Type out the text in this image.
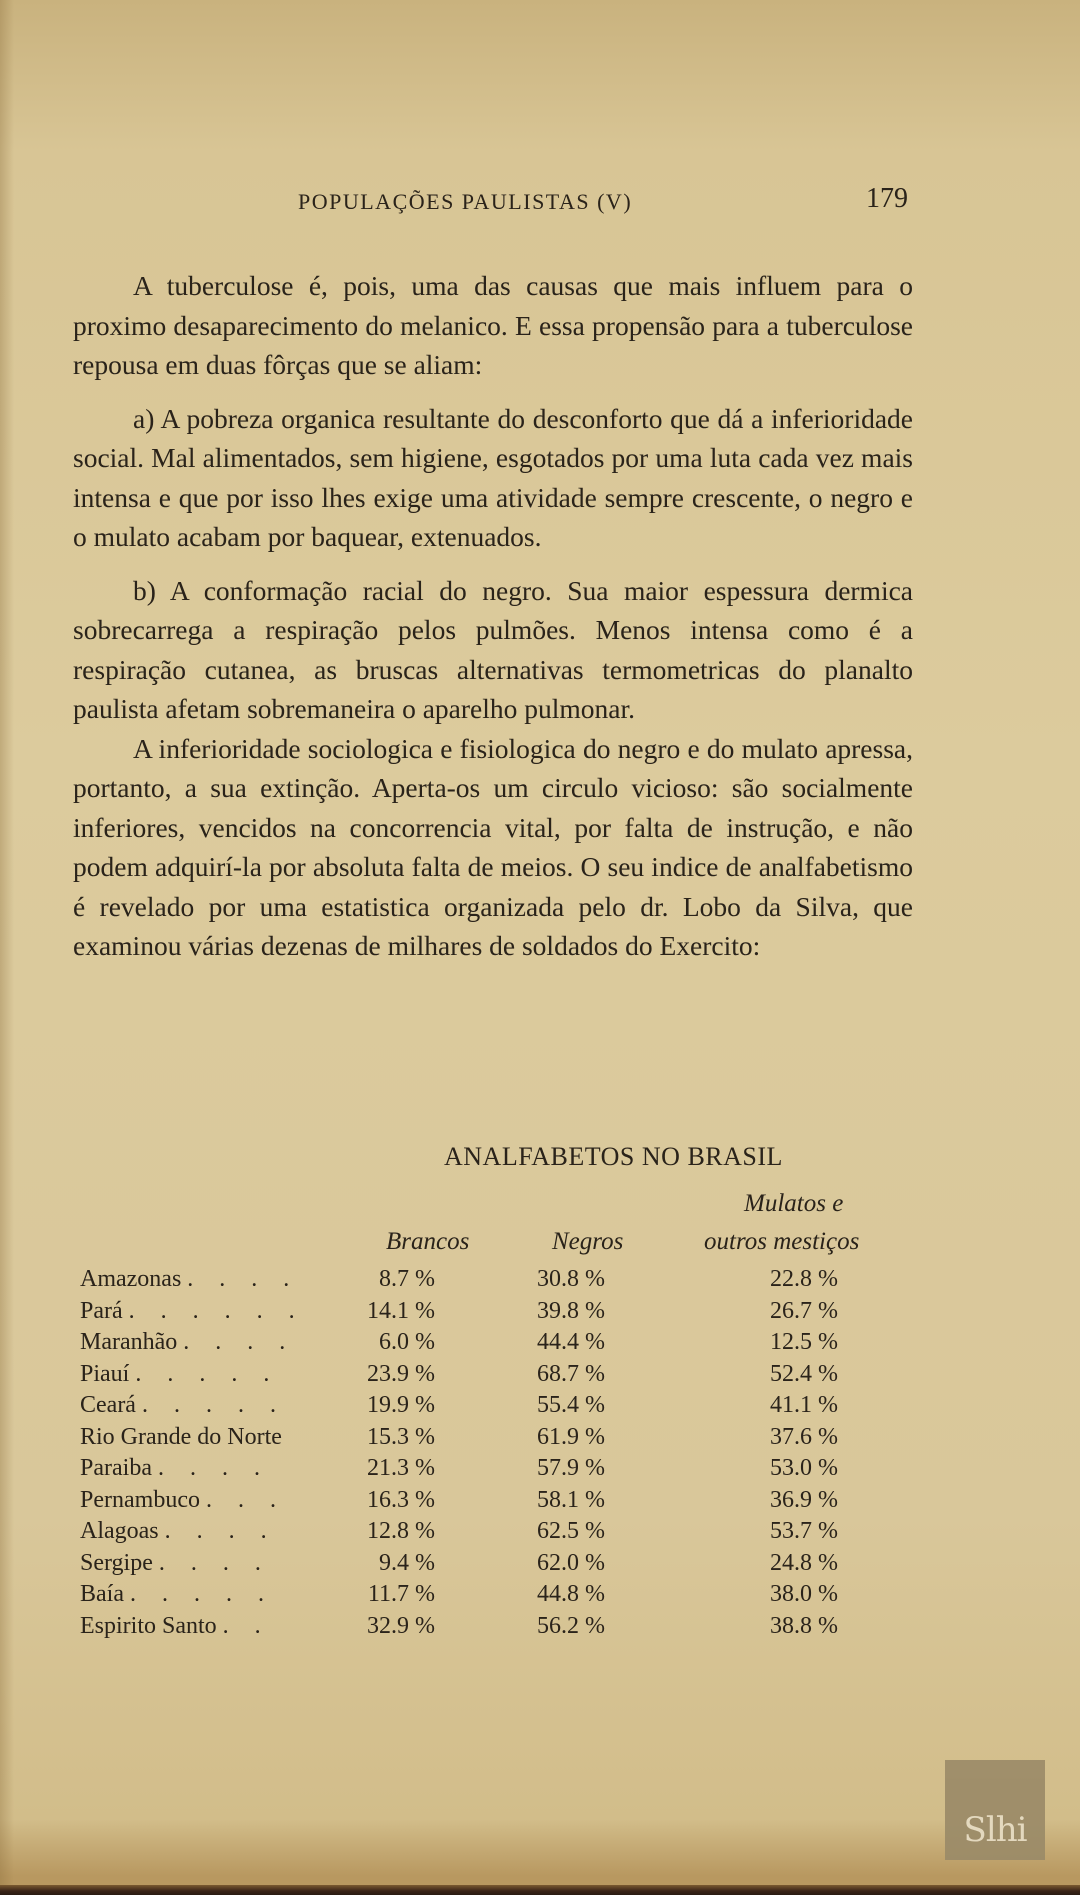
POPULAÇÕES PAULISTAS (V)	179

A tuberculose é, pois, uma das causas que mais influem para o proximo desaparecimento do melanico. E essa propensão para a tuberculose repousa em duas fôrças que se aliam:

a) A pobreza organica resultante do desconforto que dá a inferioridade social. Mal alimentados, sem higiene, esgotados por uma luta cada vez mais intensa e que por isso lhes exige uma atividade sempre crescente, o negro e o mulato acabam por baquear, extenuados.

b) A conformação racial do negro. Sua maior espessura dermica sobrecarrega a respiração pelos pulmões. Menos intensa como é a respiração cutanea, as bruscas alternativas termometricas do planalto paulista afetam sobremaneira o aparelho pulmonar.

A inferioridade sociologica e fisiologica do negro e do mulato apressa, portanto, a sua extinção. Aperta-os um circulo vicioso: são socialmente inferiores, vencidos na concorrencia vital, por falta de instrução, e não podem adquirí-la por absoluta falta de meios. O seu indice de analfabetismo é revelado por uma estatistica organizada pelo dr. Lobo da Silva, que examinou várias dezenas de milhares de soldados do Exercito:

ANALFABETOS NO BRASIL
Brancos	Negros
Mulatos e
outros mestiços
Amazonas . . . .	8.7 %	30.8 %	22.8 %
Pará . . . . . .	14.1 %	39.8 %	26.7 %
Maranhão . . . .	6.0 %	44.4 %	12.5 %
Piauí . . . . .	23.9 %	68.7 %	52.4 %
Ceará . . . . .	19.9 %	55.4 %	41.1 %
Rio Grande do Norte	15.3 %	61.9 %	37.6 %
Paraiba . . . .	21.3 %	57.9 %	53.0 %
Pernambuco . . .	16.3 %	58.1 %	36.9 %
Alagoas . . . .	12.8 %	62.5 %	53.7 %
Sergipe . . . .	9.4 %	62.0 %	24.8 %
Baía . . . . .	11.7 %	44.8 %	38.0 %
Espirito Santo . .	32.9 %	56.2 %	38.8 %
Slhi
